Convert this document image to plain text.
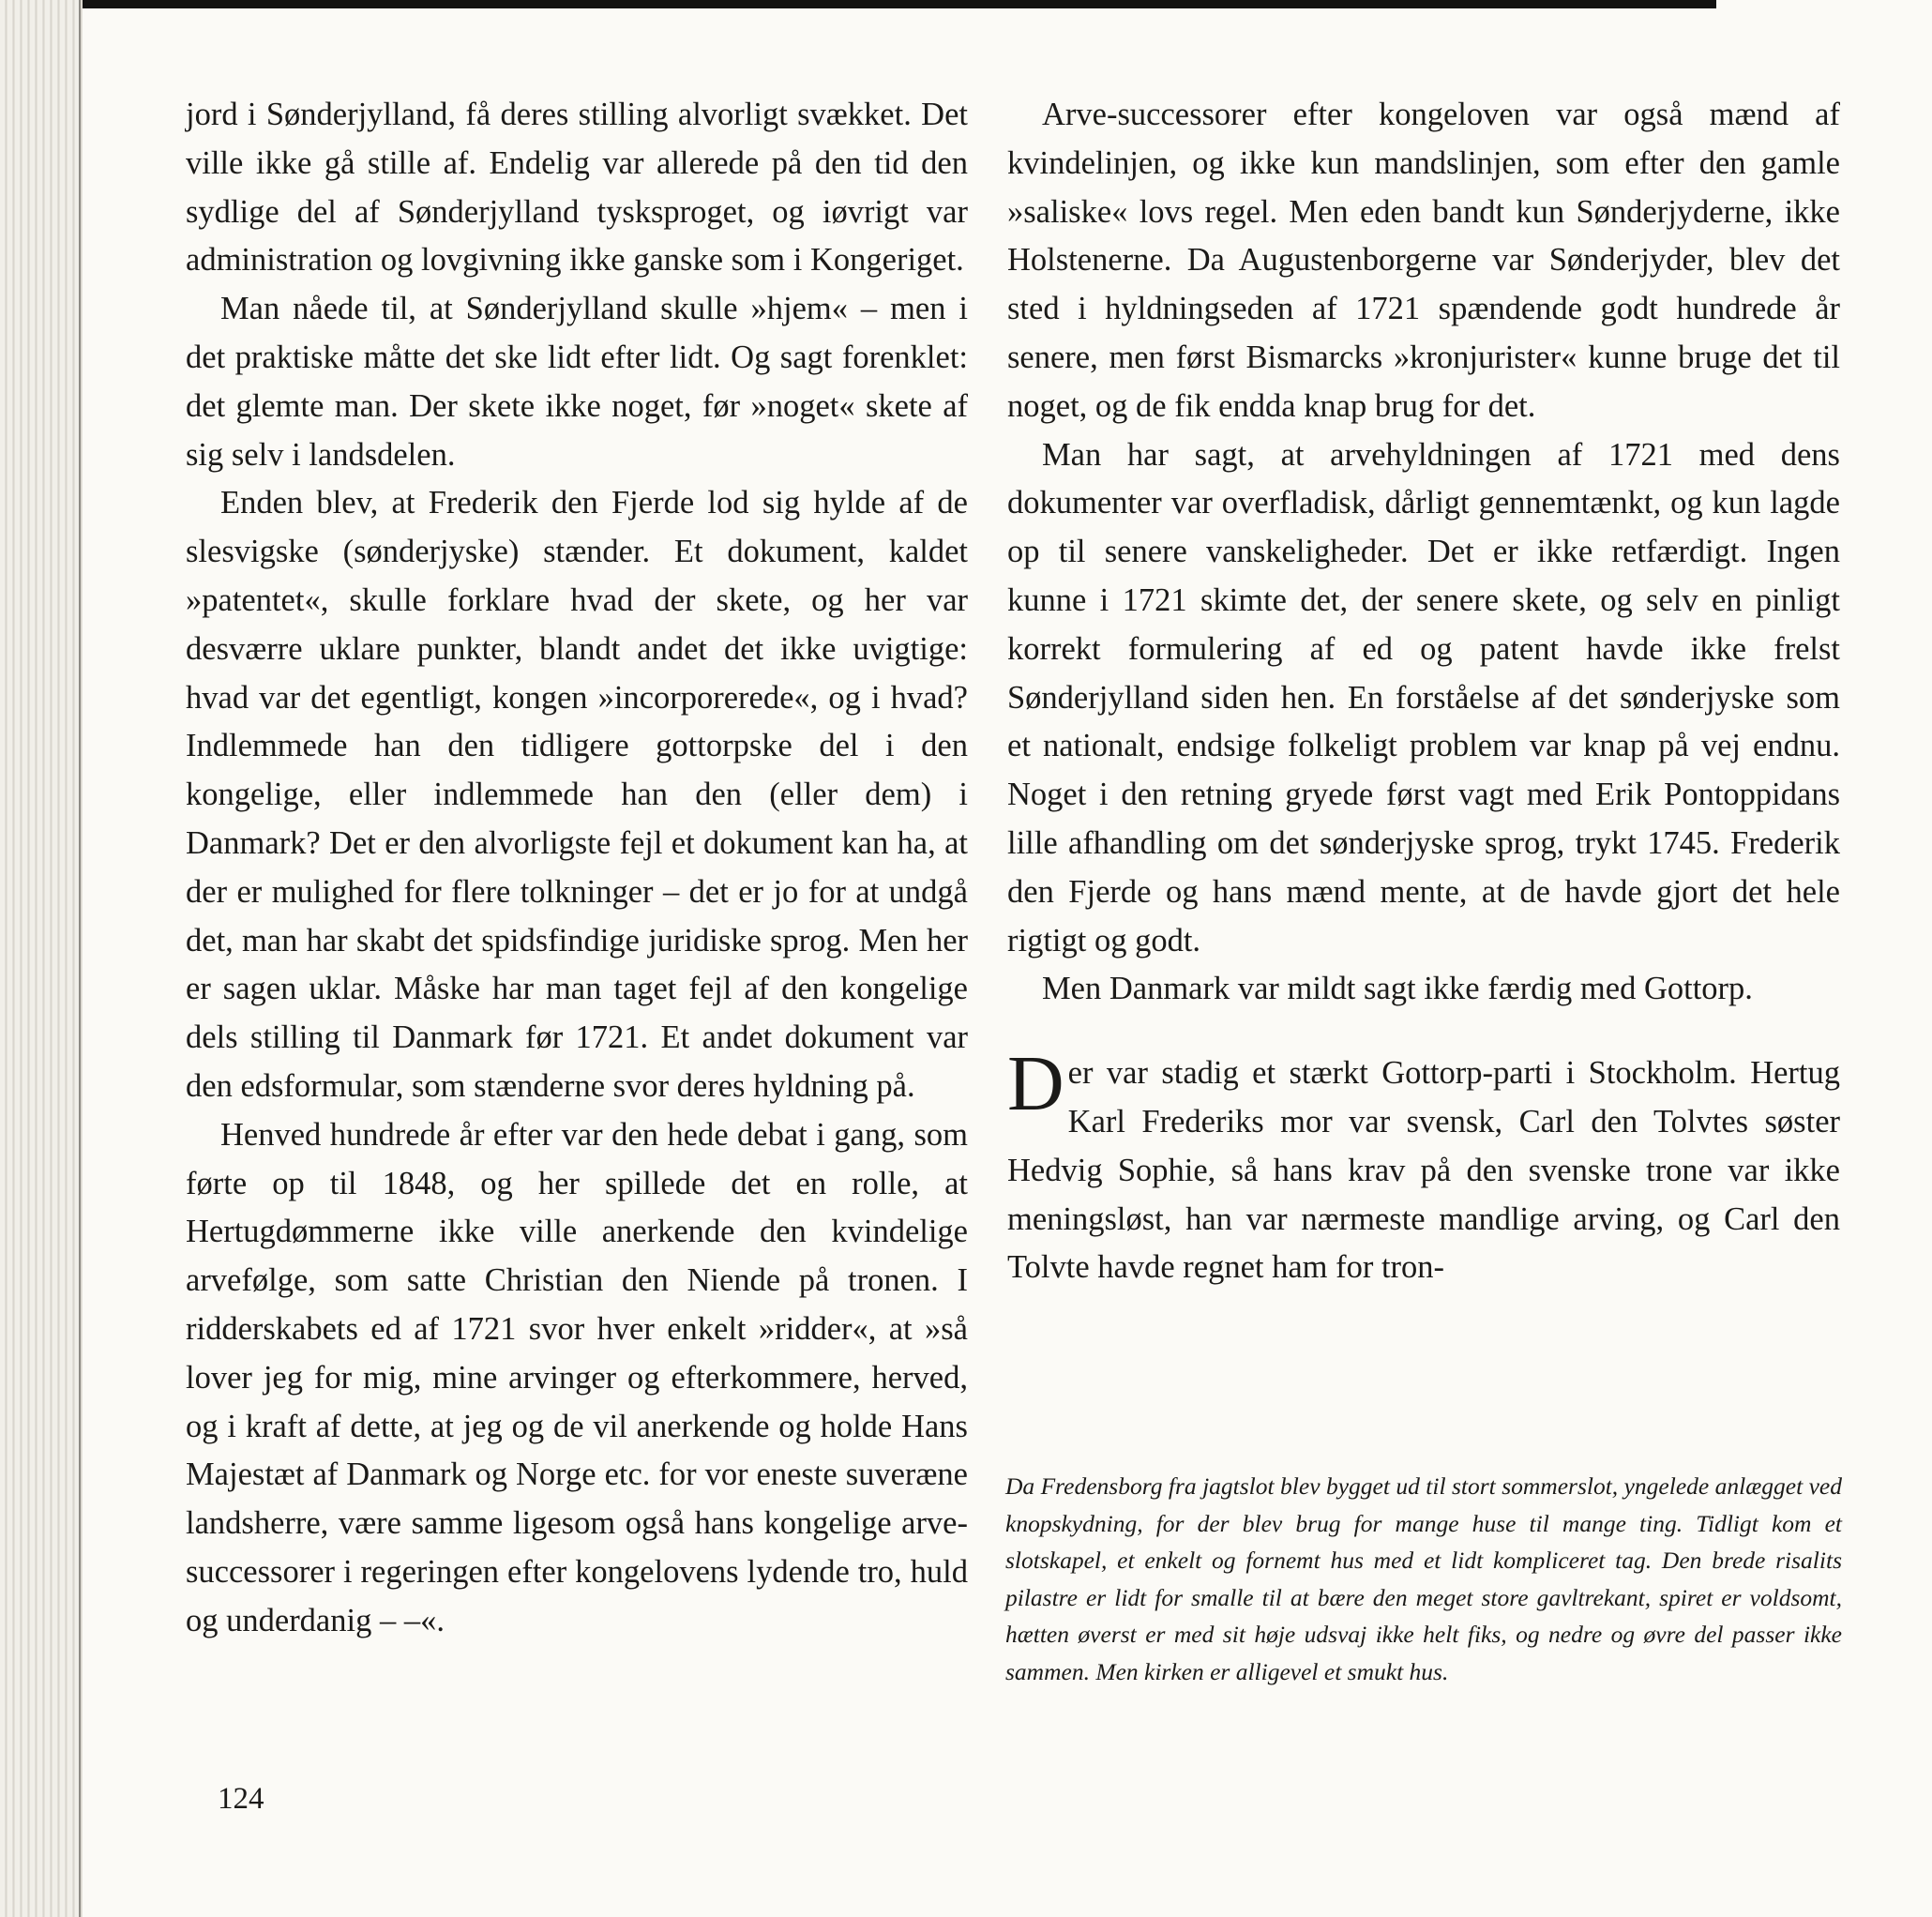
jord i Sønderjylland, få deres stilling alvorligt svækket. Det ville ikke gå stille af. Endelig var allerede på den tid den sydlige del af Sønderjylland tysksproget, og iøvrigt var administration og lovgivning ikke ganske som i Kongeriget.

Man nåede til, at Sønderjylland skulle »hjem« – men i det praktiske måtte det ske lidt efter lidt. Og sagt forenklet: det glemte man. Der skete ikke noget, før »noget« skete af sig selv i landsdelen.

Enden blev, at Frederik den Fjerde lod sig hylde af de slesvigske (sønderjyske) stænder. Et dokument, kaldet »patentet«, skulle forklare hvad der skete, og her var desværre uklare punkter, blandt andet det ikke uvigtige: hvad var det egentligt, kongen »incorporerede«, og i hvad? Indlemmede han den tidligere gottorpske del i den kongelige, eller indlemmede han den (eller dem) i Danmark? Det er den alvorligste fejl et dokument kan ha, at der er mulighed for flere tolkninger – det er jo for at undgå det, man har skabt det spidsfindige juridiske sprog. Men her er sagen uklar. Måske har man taget fejl af den kongelige dels stilling til Danmark før 1721. Et andet dokument var den edsformular, som stænderne svor deres hyldning på.

Henved hundrede år efter var den hede debat i gang, som førte op til 1848, og her spillede det en rolle, at Hertugdømmerne ikke ville anerkende den kvindelige arvefølge, som satte Christian den Niende på tronen. I ridderskabets ed af 1721 svor hver enkelt »ridder«, at »så lover jeg for mig, mine arvinger og efterkommere, herved, og i kraft af dette, at jeg og de vil anerkende og holde Hans Majestæt af Danmark og Norge etc. for vor eneste suveræne landsherre, være samme ligesom også hans kongelige arve-successorer i regeringen efter kongelovens lydende tro, huld og underdanig – –«.

Arve-successorer efter kongeloven var også mænd af kvindelinjen, og ikke kun mandslinjen, som efter den gamle »saliske« lovs regel. Men eden bandt kun Sønderjyderne, ikke Holstenerne. Da Augustenborgerne var Sønderjyder, blev det sted i hyldningseden af 1721 spændende godt hundrede år senere, men først Bismarcks »kronjurister« kunne bruge det til noget, og de fik endda knap brug for det.

Man har sagt, at arvehyldningen af 1721 med dens dokumenter var overfladisk, dårligt gennemtænkt, og kun lagde op til senere vanskeligheder. Det er ikke retfærdigt. Ingen kunne i 1721 skimte det, der senere skete, og selv en pinligt korrekt formulering af ed og patent havde ikke frelst Sønderjylland siden hen. En forståelse af det sønderjyske som et nationalt, endsige folkeligt problem var knap på vej endnu. Noget i den retning gryede først vagt med Erik Pontoppidans lille afhandling om det sønderjyske sprog, trykt 1745. Frederik den Fjerde og hans mænd mente, at de havde gjort det hele rigtigt og godt.

Men Danmark var mildt sagt ikke færdig med Gottorp.

Der var stadig et stærkt Gottorp-parti i Stockholm. Hertug Karl Frederiks mor var svensk, Carl den Tolvtes søster Hedvig Sophie, så hans krav på den svenske trone var ikke meningsløst, han var nærmeste mandlige arving, og Carl den Tolvte havde regnet ham for tron-

Da Fredensborg fra jagtslot blev bygget ud til stort sommerslot, yngelede anlægget ved knopskydning, for der blev brug for mange huse til mange ting. Tidligt kom et slotskapel, et enkelt og fornemt hus med et lidt kompliceret tag. Den brede risalits pilastre er lidt for smalle til at bære den meget store gavltrekant, spiret er voldsomt, hætten øverst er med sit høje udsvaj ikke helt fiks, og nedre og øvre del passer ikke sammen. Men kirken er alligevel et smukt hus.
124
